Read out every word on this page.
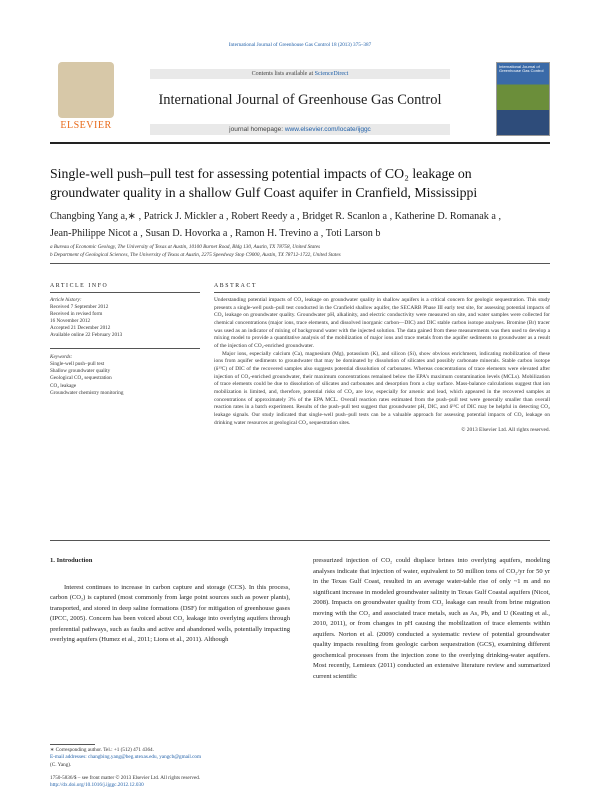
International Journal of Greenhouse Gas Control 18 (2013) 375–387
ELSEVIER
Contents lists available at ScienceDirect
International Journal of Greenhouse Gas Control
journal homepage: www.elsevier.com/locate/ijggc
International Journal of Greenhouse Gas Control
Single-well push–pull test for assessing potential impacts of CO₂ leakage on
groundwater quality in a shallow Gulf Coast aquifer in Cranfield, Mississippi
Changbing Yang a,∗ , Patrick J. Mickler a , Robert Reedy a , Bridget R. Scanlon a , Katherine D. Romanak a ,
Jean-Philippe Nicot a , Susan D. Hovorka a , Ramon H. Trevino a , Toti Larson b
a Bureau of Economic Geology, The University of Texas at Austin, 10100 Burnet Road, Bldg 130, Austin, TX 78758, United States
b Department of Geological Sciences, The University of Texas at Austin, 2275 Speedway Stop C9000, Austin, TX 78712-1722, United States
ARTICLE INFO	ABSTRACT
Article history:
Received 7 September 2012
Received in revised form
16 November 2012
Accepted 21 December 2012
Available online 22 February 2013
Keywords:
Single-well push–pull test
Shallow groundwater quality
Geological CO₂ sequestration
CO₂ leakage
Groundwater chemistry monitoring

Understanding potential impacts of CO₂ leakage on groundwater quality in shallow aquifers is a critical concern for geologic sequestration. This study presents a single-well push–pull test conducted in the Cranfield shallow aquifer, the SECARB Phase III early test site, for assessing potential impacts of CO₂ leakage on groundwater quality. Groundwater pH, alkalinity, and electric conductivity were measured on site, and water samples were collected for chemical concentrations (major ions, trace elements, and dissolved inorganic carbon—DIC) and DIC stable carbon isotope analyses. Bromine (Br) tracer was used as an indicator of mixing of background water with the injected solution. The data gained from these measurements was then used to develop a mixing model to provide a quantitative analysis of the mobilization of major ions and trace metals from the aquifer sediments to groundwater as a result of the injection of CO₂-enriched groundwater.

Major ions, especially calcium (Ca), magnesium (Mg), potassium (K), and silicon (Si), show obvious enrichment, indicating mobilization of these ions from aquifer sediments to groundwater that may be dominated by dissolution of silicates and possibly carbonate minerals. Stable carbon isotope (δ¹³C) of DIC of the recovered samples also suggests potential dissolution of carbonates. Whereas concentrations of trace elements were elevated after injection of CO₂-enriched groundwater, their maximum concentrations remained below the EPA's maximum contamination levels (MCLs). Mobilization of trace elements could be due to dissolution of silicates and carbonates and desorption from a clay surface. Mass-balance calculations suggest that ion mobilization is limited, and, therefore, potential risks of CO₂ are low, especially for arsenic and lead, which appeared in the recovered samples at concentrations of approximately 3% of the EPA MCL. Overall reaction rates estimated from the push–pull test were generally smaller than overall reaction rates in a batch experiment. Results of the push–pull test suggest that groundwater pH, DIC, and δ¹³C of DIC may be helpful in detecting CO₂ leakage signals. Our study indicated that single-well push–pull tests can be a valuable approach for assessing potential impacts of CO₂ leakage on drinking water resources at geological CO₂ sequestration sites.

© 2013 Elsevier Ltd. All rights reserved.
1. Introduction

Interest continues to increase in carbon capture and storage (CCS). In this process, carbon (CO₂) is captured (most commonly from large point sources such as power plants), transported, and stored in deep saline formations (DSF) for mitigation of greenhouse gases (IPCC, 2005). Concern has been voiced about CO₂ leakage into overlying aquifers through preferential pathways, such as faults and active and abandoned wells, potentially impacting overlying aquifers (Humez et al., 2011; Lions et al., 2011). Although

pressurized injection of CO₂ could displace brines into overlying aquifers, modeling analyses indicate that injection of water, equivalent to 50 million tons of CO₂/yr for 50 yr in the Texas Gulf Coast, resulted in an average water-table rise of only ~1 m and no significant increase in modeled groundwater salinity in Texas Gulf Coastal aquifers (Nicot, 2008). Impacts on groundwater quality from CO₂ leakage can result from brine migration moving with the CO₂ and associated trace metals, such as As, Pb, and U (Keating et al., 2010, 2011), or from changes in pH causing the mobilization of trace elements within aquifers. Norton et al. (2009) conducted a systematic review of potential groundwater quality impacts resulting from geologic carbon sequestration (GCS), examining different geochemical processes from the injection zone to the overlying drinking-water aquifers. Most recently, Lemieux (2011) conducted an extensive literature review and summarized current scientific

∗ Corresponding author. Tel.: +1 (512) 471 4364.
E-mail addresses: changbing.yang@beg.utexas.edu, yangcb@gmail.com
(C. Yang).
1750-5836/$ – see front matter © 2013 Elsevier Ltd. All rights reserved.
http://dx.doi.org/10.1016/j.ijggc.2012.12.030
